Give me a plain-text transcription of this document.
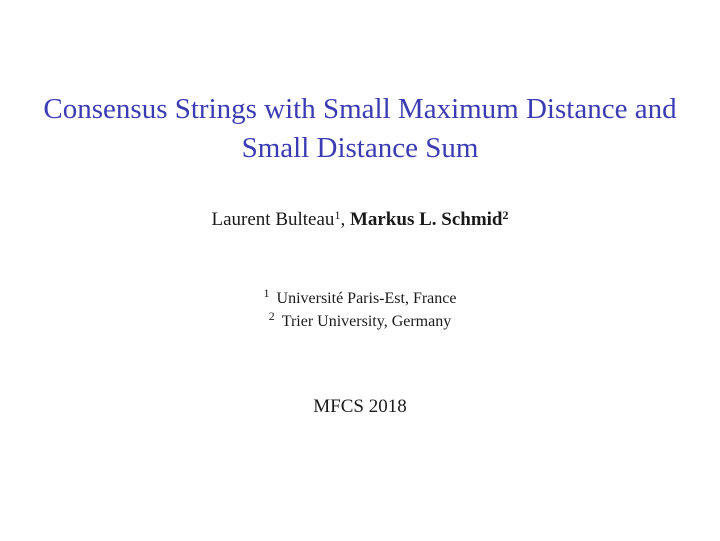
Consensus Strings with Small Maximum Distance and
Small Distance Sum
Laurent Bulteau$^1$, Markus L. Schmid$^2$
$^1$ Université Paris-Est, France
$^2$ Trier University, Germany
MFCS 2018
